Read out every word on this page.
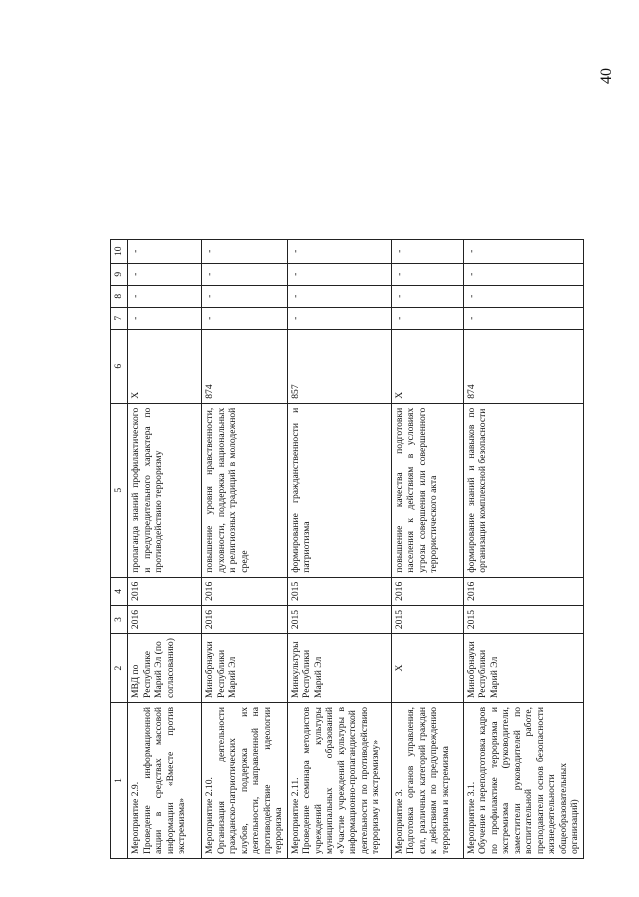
40
1	2	3	4	5	6	7	8	9	10
Мероприятие 2.9.
Проведение информационной акции в средствах массовой информации «Вместе против экстремизма»	МВД по Республике Марий Эл (по согласованию)	2016	2016	пропаганда знаний профилактического и предупредительного характера по противодействию терроризму	X	-	-	-	-
Мероприятие 2.10.
Организация деятельности гражданско-патриотических клубов, поддержка их деятельности, направленной на противодействие идеологии терроризма	Минобрнауки Республики Марий Эл	2016	2016	повышение уровня нравственности, духовности, поддержка национальных и религиозных традиций в молодежной среде	874	-	-	-	-
Мероприятие 2.11.
Проведение семинара методистов учреждений культуры муниципальных образований «Участие учреждений культуры в информационно-пропагандистской деятельности по противодействию терроризму и экстремизму»	Минкультуры Республики Марий Эл	2015	2015	формирование гражданственности и патриотизма	857	-	-	-	-
Мероприятие 3.
Подготовка органов управления, сил, различных категорий граждан к действиям по предупреждению терроризма и экстремизма	X	2015	2016	повышение качества подготовки населения к действиям в условиях угрозы совершения или совершенного террористического акта	X	-	-	-	-
Мероприятие 3.1.
Обучение и переподготовка кадров по профилактике терроризма и экстремизма (руководители, заместители руководителей по воспитательной работе, преподаватели основ безопасности жизнедеятельности общеобразовательных организаций)	Минобрнауки Республики Марий Эл	2015	2016	формирование знаний и навыков по организации комплексной безопасности	874	-	-	-	-
